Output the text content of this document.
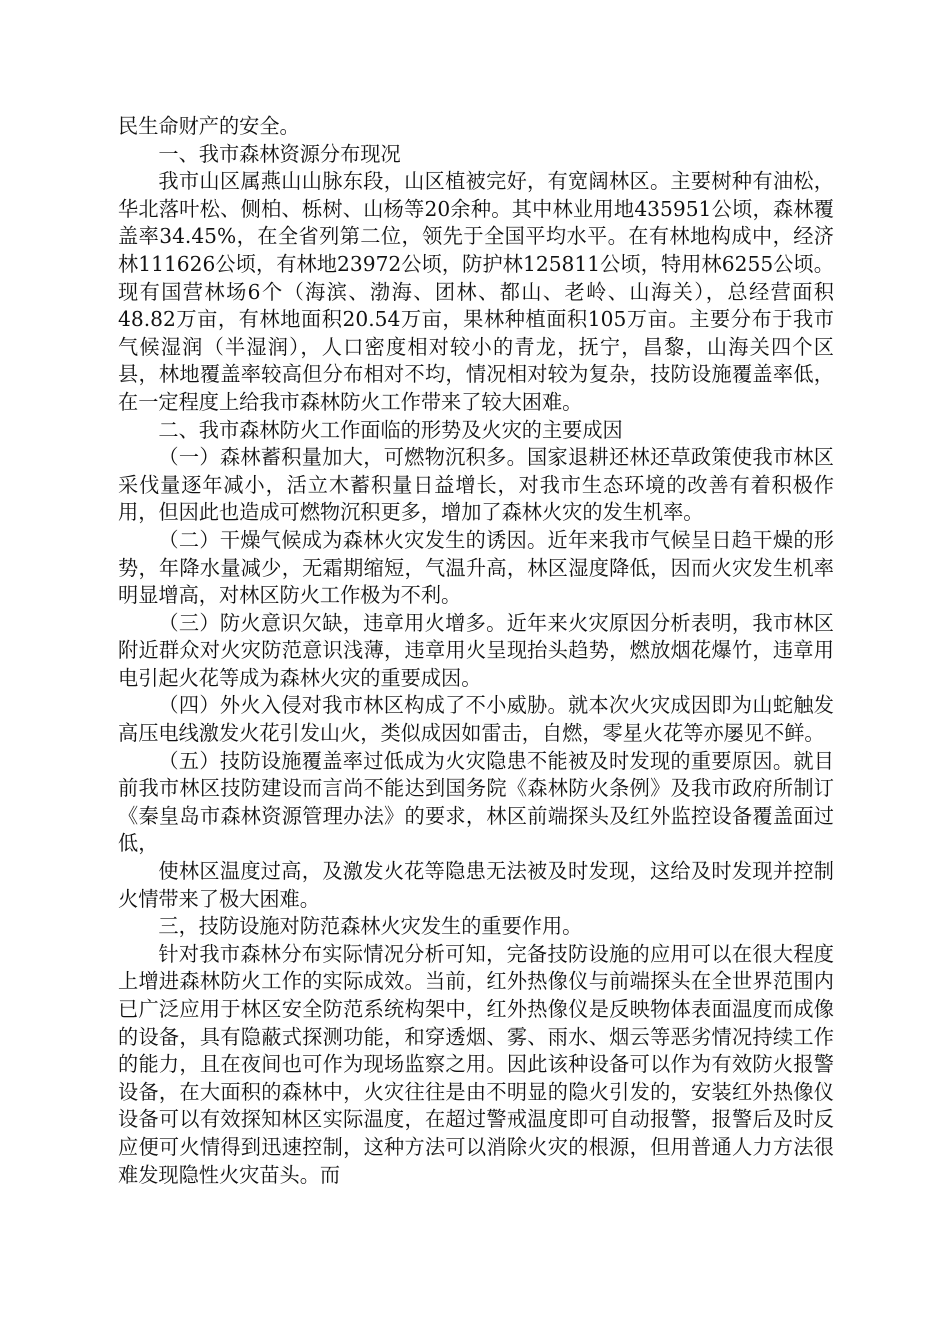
民生命财产的安全。

一、我市森林资源分布现况

我市山区属燕山山脉东段，山区植被完好，有宽阔林区。主要树种有油松，华北落叶松、侧柏、栎树、山杨等20余种。其中林业用地435951公顷，森林覆盖率34.45%，在全省列第二位，领先于全国平均水平。在有林地构成中，经济林111626公顷，有林地23972公顷，防护林125811公顷，特用林6255公顷。现有国营林场6个（海滨、渤海、团林、都山、老岭、山海关），总经营面积48.82万亩，有林地面积20.54万亩，果林种植面积105万亩。主要分布于我市气候湿润（半湿润），人口密度相对较小的青龙，抚宁，昌黎，山海关四个区县，林地覆盖率较高但分布相对不均，情况相对较为复杂，技防设施覆盖率低，在一定程度上给我市森林防火工作带来了较大困难。

二、我市森林防火工作面临的形势及火灾的主要成因

（一）森林蓄积量加大，可燃物沉积多。国家退耕还林还草政策使我市林区采伐量逐年减小，活立木蓄积量日益增长，对我市生态环境的改善有着积极作用，但因此也造成可燃物沉积更多，增加了森林火灾的发生机率。

（二）干燥气候成为森林火灾发生的诱因。近年来我市气候呈日趋干燥的形势，年降水量减少，无霜期缩短，气温升高，林区湿度降低，因而火灾发生机率明显增高，对林区防火工作极为不利。

（三）防火意识欠缺，违章用火增多。近年来火灾原因分析表明，我市林区附近群众对火灾防范意识浅薄，违章用火呈现抬头趋势，燃放烟花爆竹，违章用电引起火花等成为森林火灾的重要成因。

（四）外火入侵对我市林区构成了不小威胁。就本次火灾成因即为山蛇触发高压电线激发火花引发山火，类似成因如雷击，自燃，零星火花等亦屡见不鲜。

（五）技防设施覆盖率过低成为火灾隐患不能被及时发现的重要原因。就目前我市林区技防建设而言尚不能达到国务院《森林防火条例》及我市政府所制订《秦皇岛市森林资源管理办法》的要求，林区前端探头及红外监控设备覆盖面过低，

使林区温度过高，及激发火花等隐患无法被及时发现，这给及时发现并控制火情带来了极大困难。

三，技防设施对防范森林火灾发生的重要作用。

针对我市森林分布实际情况分析可知，完备技防设施的应用可以在很大程度上增进森林防火工作的实际成效。当前，红外热像仪与前端探头在全世界范围内已广泛应用于林区安全防范系统构架中，红外热像仪是反映物体表面温度而成像的设备，具有隐蔽式探测功能，和穿透烟、雾、雨水、烟云等恶劣情况持续工作的能力，且在夜间也可作为现场监察之用。因此该种设备可以作为有效防火报警设备，在大面积的森林中，火灾往往是由不明显的隐火引发的，安装红外热像仪设备可以有效探知林区实际温度，在超过警戒温度即可自动报警，报警后及时反应便可火情得到迅速控制，这种方法可以消除火灾的根源，但用普通人力方法很难发现隐性火灾苗头。而
